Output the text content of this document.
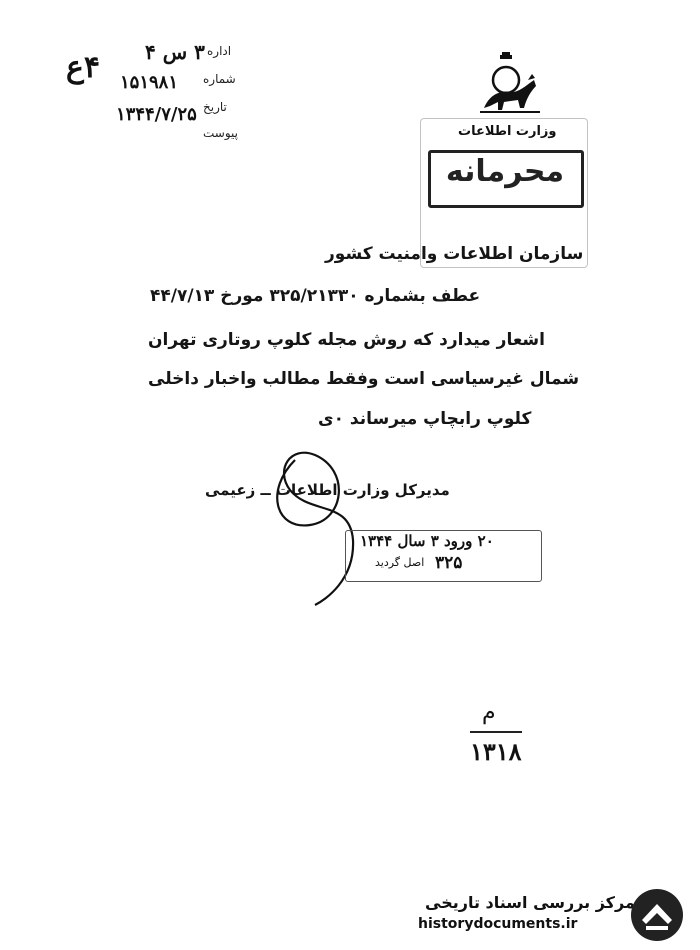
اداره
شماره
تاریخ
پیوست
۳ س ۴
۱۵۱۹۸۱
۱۳۴۴/۷/۲۵
۴ع
وزارت اطلاعات
محرمانه
سازمان اطلاعات وامنیت کشور
عطف بشماره ۳۲۵/۲۱۳۳۰ مورخ ۴۴/۷/۱۳
اشعار میدارد که روش مجله کلوپ روتاری تهران
شمال غیرسیاسی است وفقط مطالب واخبار داخلی
کلوپ رابچاپ میرساند ۰ی
مدیرکل وزارت اطلاعات ــ زعیمی
۲۰ ورود ۳ سال ۱۳۴۴
اصل گردید ۳۲۵
م
۱۳۱۸
مرکز بررسی اسناد تاریخی
historydocuments.ir
